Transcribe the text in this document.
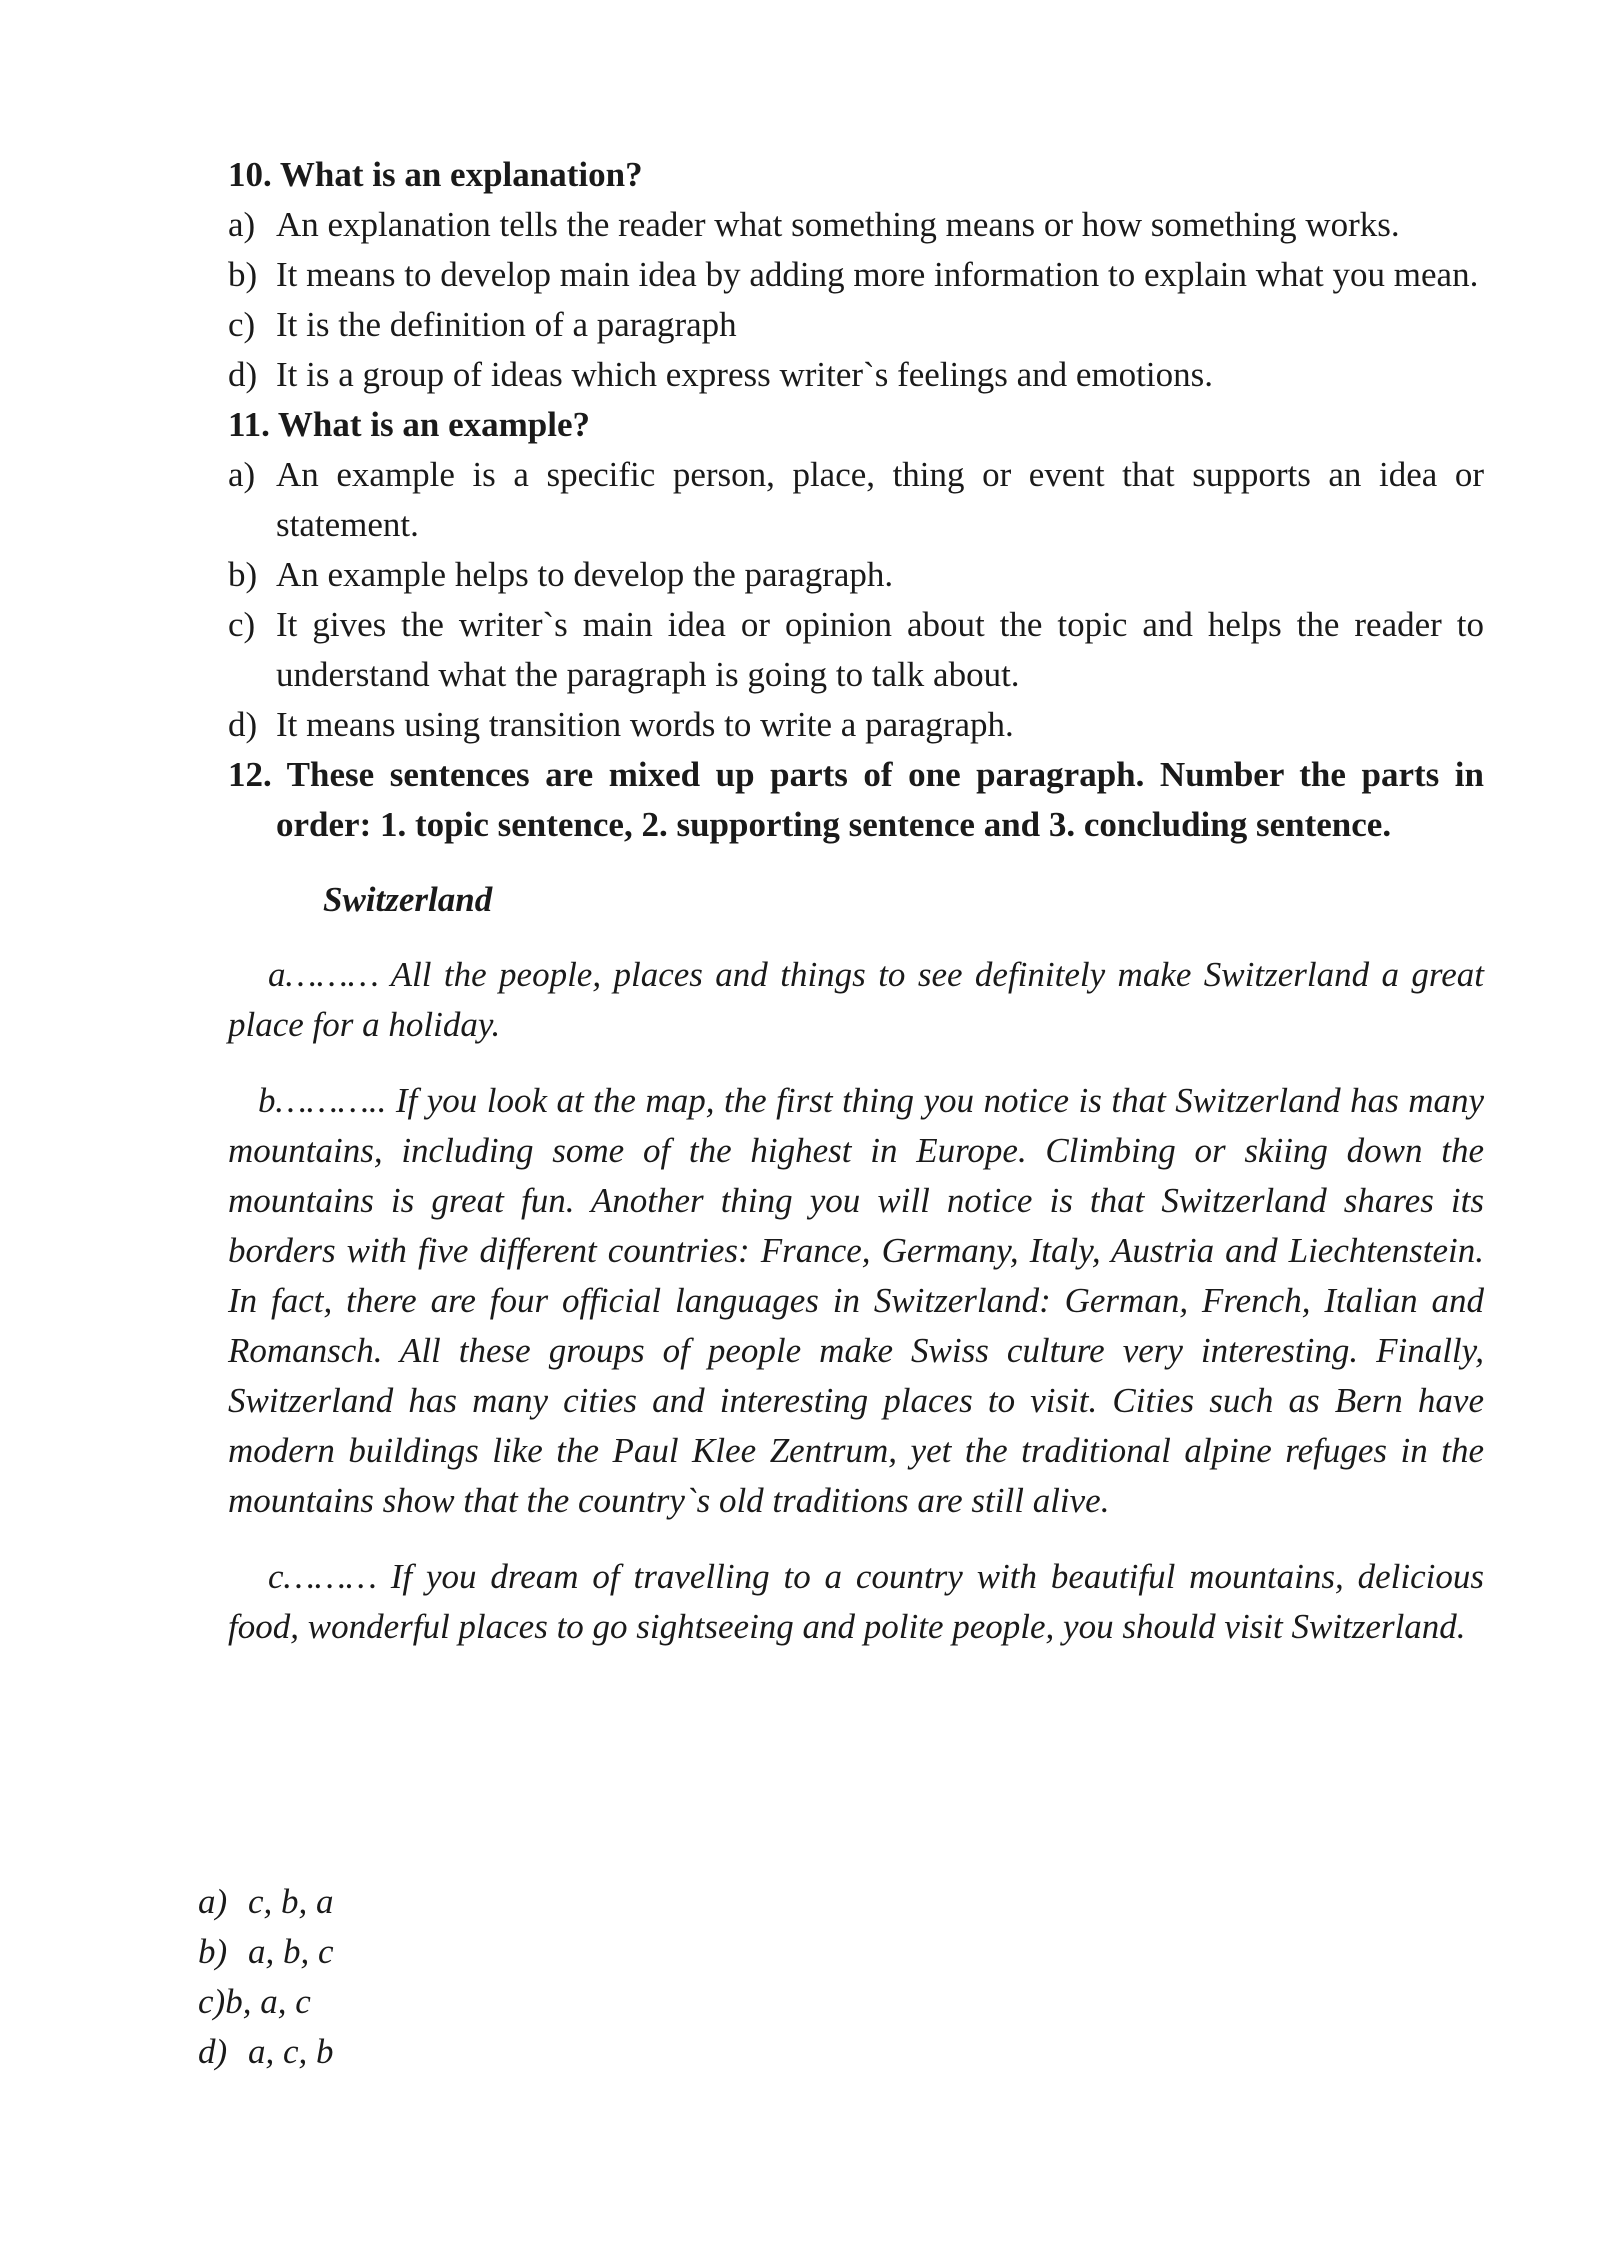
10. What is an explanation?

a) An explanation tells the reader what something means or how something works.
b) It means to develop main idea by adding more information to explain what you mean.
c) It is the definition of a paragraph
d) It is a group of ideas which express writer`s feelings and emotions.

11. What is an example?

a) An example is a specific person, place, thing or event that supports an idea or statement.
b) An example helps to develop the paragraph.
c) It gives the writer`s main idea or opinion about the topic and helps the reader to understand what the paragraph is going to talk about.
d) It means using transition words to write a paragraph.

12. These sentences are mixed up parts of one paragraph. Number the parts in order: 1. topic sentence, 2. supporting sentence and 3. concluding sentence.

Switzerland

a……… All the people, places and things to see definitely make Switzerland a great place for a holiday.

b……….. If you look at the map, the first thing you notice is that Switzerland has many mountains, including some of the highest in Europe. Climbing or skiing down the mountains is great fun. Another thing you will notice is that Switzerland shares its borders with five different countries: France, Germany, Italy, Austria and Liechtenstein. In fact, there are four official languages in Switzerland: German, French, Italian and Romansch. All these groups of people make Swiss culture very interesting. Finally, Switzerland has many cities and interesting places to visit. Cities such as Bern have modern buildings like the Paul Klee Zentrum, yet the traditional alpine refuges in the mountains show that the country`s old traditions are still alive.

c……… If you dream of travelling to a country with beautiful mountains, delicious food, wonderful places to go sightseeing and polite people, you should visit Switzerland.

a) c, b, a
b) a, b, c
c)b, a, c
d) a, c, b
